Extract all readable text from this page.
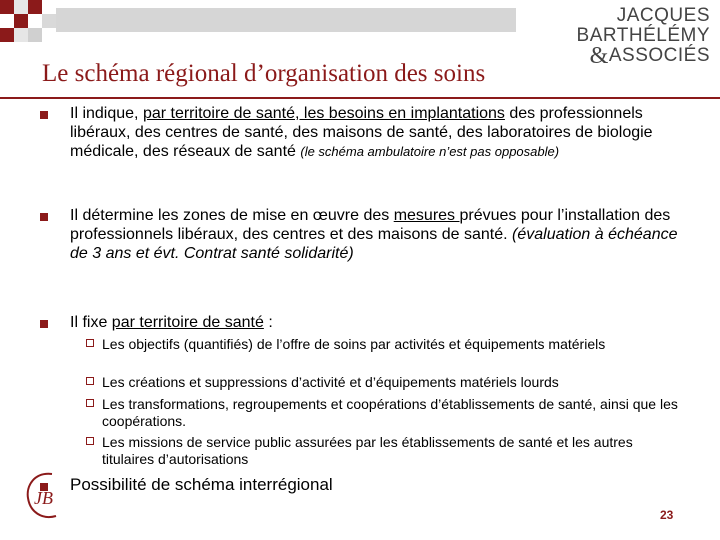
JACQUES BARTHÉLÉMY
&ASSOCIÉS
Le schéma régional d’organisation des soins

Il indique, par territoire de santé, les besoins en implantations des professionnels libéraux, des centres de santé, des maisons de santé, des laboratoires de biologie médicale, des réseaux de santé (le schéma ambulatoire n’est pas opposable)

Il détermine les zones de mise en œuvre des mesures prévues pour l’installation des professionnels libéraux, des centres et des maisons de santé. (évaluation à échéance de 3 ans et évt. Contrat santé solidarité)

Il fixe par territoire de santé :

Les objectifs (quantifiés) de l’offre de soins par activités et équipements matériels
Les créations et suppressions d’activité et d’équipements matériels lourds
Les transformations, regroupements et coopérations d’établissements de santé, ainsi que les coopérations.
Les missions de service public assurées par les établissements de santé et les autres titulaires d’autorisations

Possibilité de schéma interrégional

JB
23
